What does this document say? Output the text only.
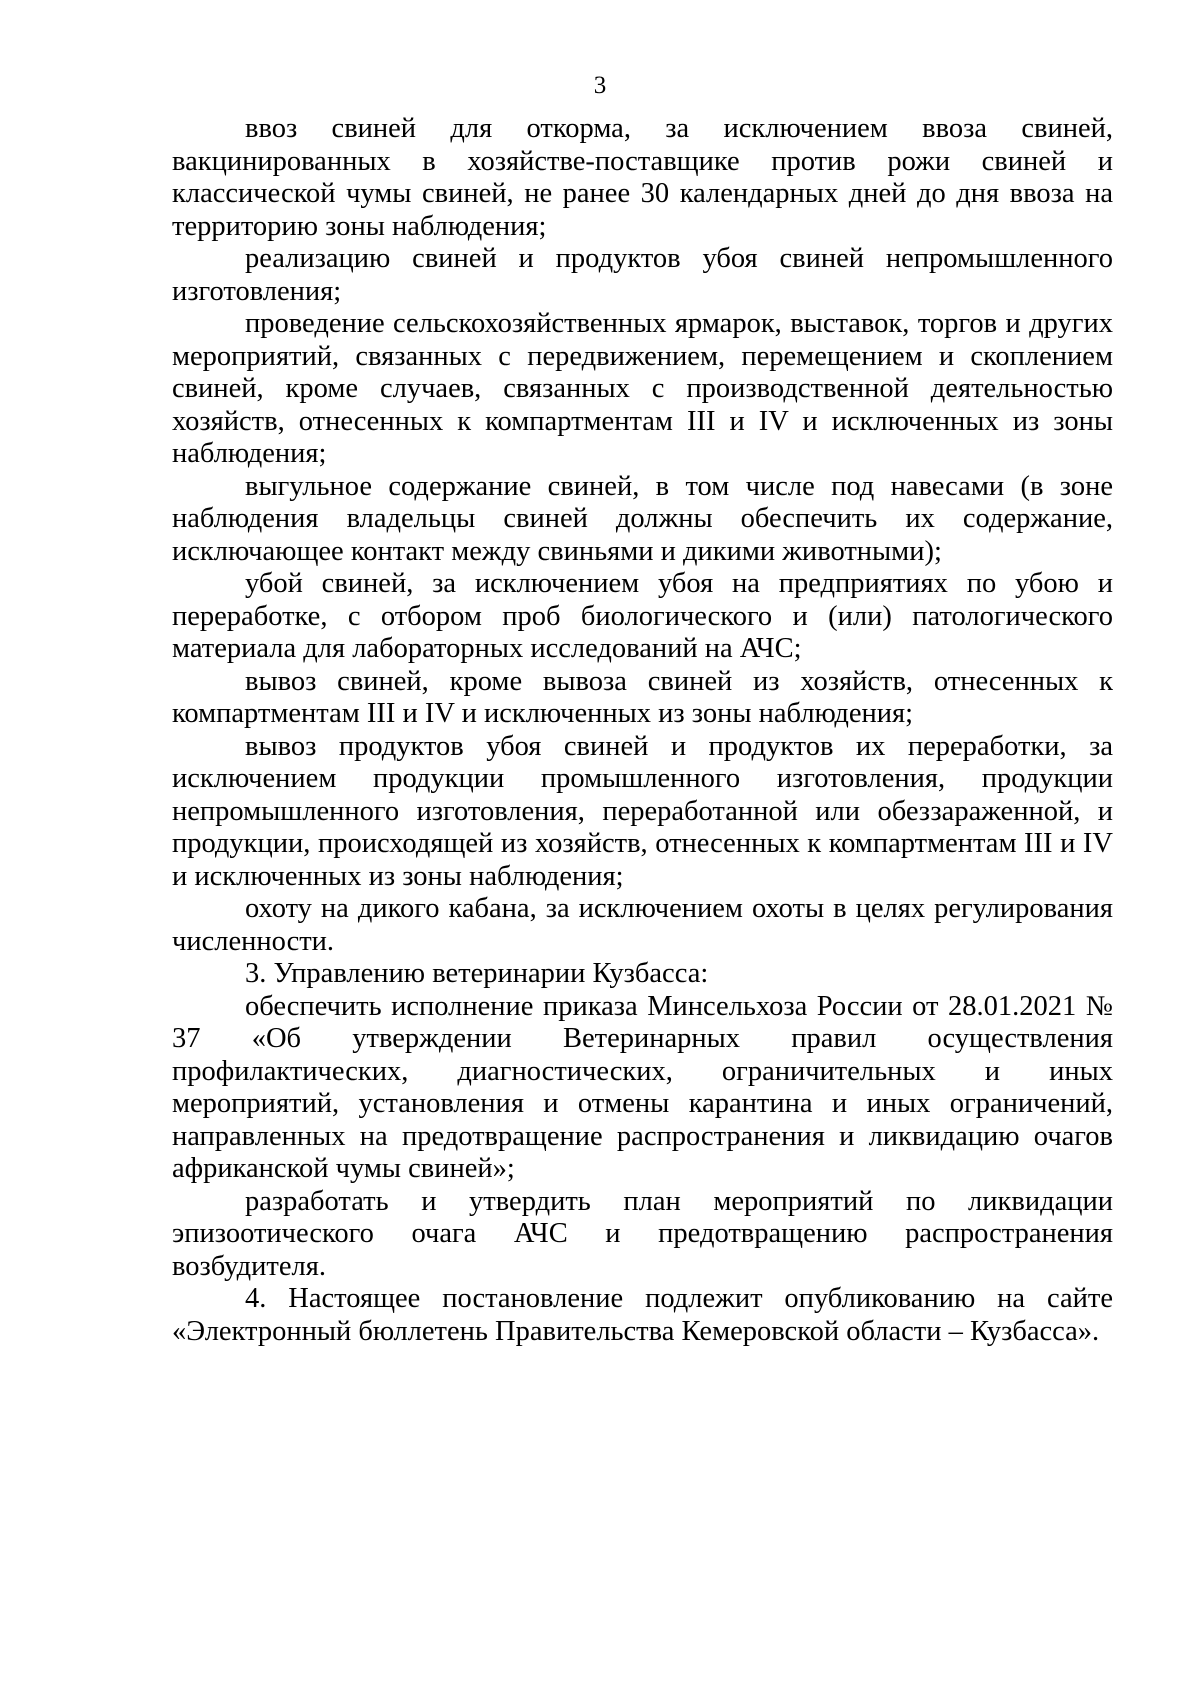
3

ввоз свиней для откорма, за исключением ввоза свиней, вакцинированных в хозяйстве-поставщике против рожи свиней и классической чумы свиней, не ранее 30 календарных дней до дня ввоза на территорию зоны наблюдения;

реализацию свиней и продуктов убоя свиней непромышленного изготовления;

проведение сельскохозяйственных ярмарок, выставок, торгов и других мероприятий, связанных с передвижением, перемещением и скоплением свиней, кроме случаев, связанных с производственной деятельностью хозяйств, отнесенных к компартментам III и IV и исключенных из зоны наблюдения;

выгульное содержание свиней, в том числе под навесами (в зоне наблюдения владельцы свиней должны обеспечить их содержание, исключающее контакт между свиньями и дикими животными);

убой свиней, за исключением убоя на предприятиях по убою и переработке, с отбором проб биологического и (или) патологического материала для лабораторных исследований на АЧС;

вывоз свиней, кроме вывоза свиней из хозяйств, отнесенных к компартментам III и IV и исключенных из зоны наблюдения;

вывоз продуктов убоя свиней и продуктов их переработки, за исключением продукции промышленного изготовления, продукции непромышленного изготовления, переработанной или обеззараженной, и продукции, происходящей из хозяйств, отнесенных к компартментам III и IV и исключенных из зоны наблюдения;

охоту на дикого кабана, за исключением охоты в целях регулирования численности.

3. Управлению ветеринарии Кузбасса:

обеспечить исполнение приказа Минсельхоза России от 28.01.2021 № 37 «Об утверждении Ветеринарных правил осуществления профилактических, диагностических, ограничительных и иных мероприятий, установления и отмены карантина и иных ограничений, направленных на предотвращение распространения и ликвидацию очагов африканской чумы свиней»;

разработать и утвердить план мероприятий по ликвидации эпизоотического очага АЧС и предотвращению распространения возбудителя.

4. Настоящее постановление подлежит опубликованию на сайте «Электронный бюллетень Правительства Кемеровской области – Кузбасса».
